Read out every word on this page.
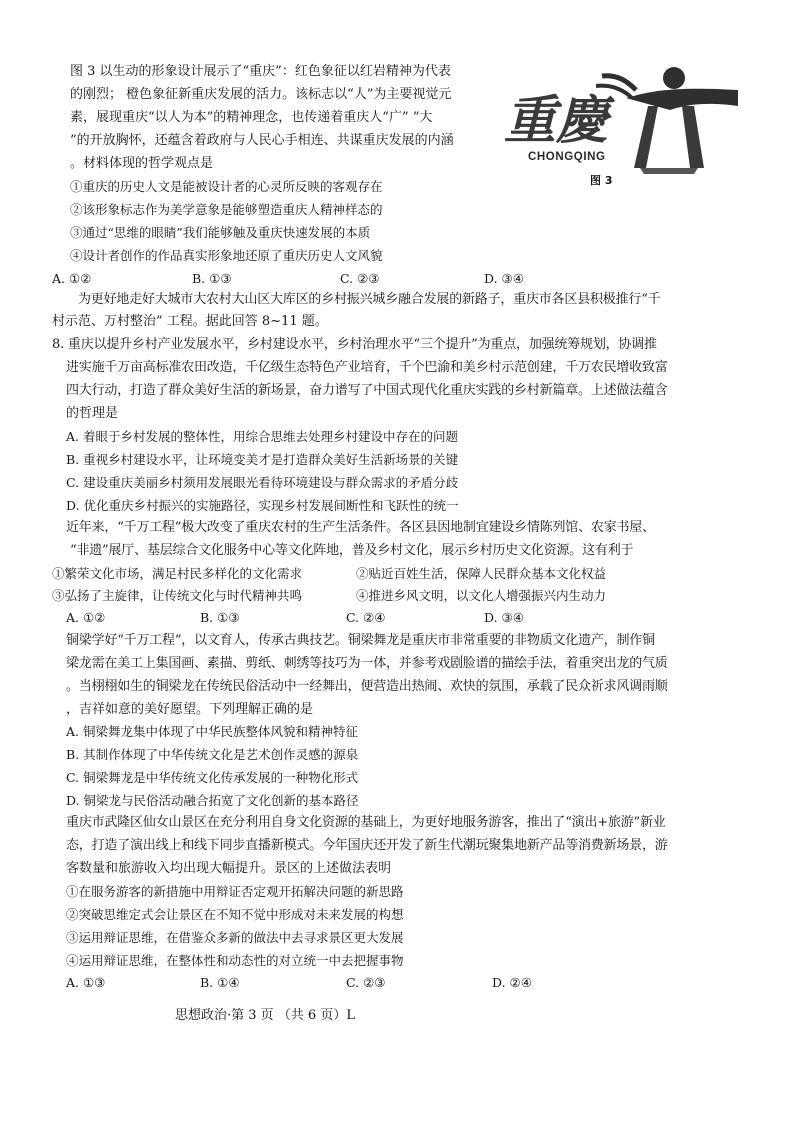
图 3 以生动的形象设计展示了“重庆”：红色象征以红岩精神为代表
的刚烈； 橙色象征新重庆发展的活力。该标志以“人”为主要视觉元
素，展现重庆“以人为本”的精神理念，也传递着重庆人“广” “大
”的开放胸怀，还蕴含着政府与人民心手相连、共谋重庆发展的内涵
。材料体现的哲学观点是
①重庆的历史人文是能被设计者的心灵所反映的客观存在
②该形象标志作为美学意象是能够塑造重庆人精神样态的
③通过“思维的眼睛”我们能够触及重庆快速发展的本质
④设计者创作的作品真实形象地还原了重庆历史人文风貌
A. ①②	B. ①③	C. ②③	D. ③④
重慶
CHONGQING
图 3
为更好地走好大城市大农村大山区大库区的乡村振兴城乡融合发展的新路子，重庆市各区县积极推行“千
村示范、万村整治” 工程。据此回答 8~11 题。
8. 重庆以提升乡村产业发展水平，乡村建设水平，乡村治理水平“三个提升”为重点，加强统筹规划，协调推
进实施千万亩高标准农田改造，千亿级生态特色产业培育，千个巴渝和美乡村示范创建，千万农民增收致富
四大行动，打造了群众美好生活的新场景，奋力谱写了中国式现代化重庆实践的乡村新篇章。上述做法蕴含
的哲理是
A. 着眼于乡村发展的整体性，用综合思维去处理乡村建设中存在的问题
B. 重视乡村建设水平，让环境变美才是打造群众美好生活新场景的关键
C. 建设重庆美丽乡村须用发展眼光看待环境建设与群众需求的矛盾分歧
D. 优化重庆乡村振兴的实施路径，实现乡村发展间断性和飞跃性的统一
近年来，“千万工程”极大改变了重庆农村的生产生活条件。各区县因地制宜建设乡情陈列馆、农家书屋、
“非遗”展厅、基层综合文化服务中心等文化阵地，普及乡村文化，展示乡村历史文化资源。这有利于
①繁荣文化市场，满足村民多样化的文化需求	②贴近百姓生活，保障人民群众基本文化权益
③弘扬了主旋律，让传统文化与时代精神共鸣	④推进乡风文明，以文化人增强振兴内生动力
A. ①②	B. ①③	C. ②④	D. ③④
铜梁学好“千万工程”，以文育人，传承古典技艺。铜梁舞龙是重庆市非常重要的非物质文化遗产，制作铜
梁龙需在美工上集国画、素描、剪纸、刺绣等技巧为一体，并参考戏剧脸谱的描绘手法，着重突出龙的气质
。当栩栩如生的铜梁龙在传统民俗活动中一经舞出，便营造出热闹、欢快的氛围，承载了民众祈求风调雨顺
，吉祥如意的美好愿望。下列理解正确的是
A. 铜梁舞龙集中体现了中华民族整体风貌和精神特征
B. 其制作体现了中华传统文化是艺术创作灵感的源泉
C. 铜梁舞龙是中华传统文化传承发展的一种物化形式
D. 铜梁龙与民俗活动融合拓宽了文化创新的基本路径
重庆市武隆区仙女山景区在充分利用自身文化资源的基础上，为更好地服务游客，推出了“演出+旅游”新业
态，打造了演出线上和线下同步直播新模式。今年国庆还开发了新生代潮玩聚集地新产品等消费新场景，游
客数量和旅游收入均出现大幅提升。景区的上述做法表明
①在服务游客的新措施中用辩证否定观开拓解决问题的新思路
②突破思维定式会让景区在不知不觉中形成对未来发展的构想
③运用辩证思维，在借鉴众多新的做法中去寻求景区更大发展
④运用辩证思维，在整体性和动态性的对立统一中去把握事物
A. ①③	B. ①④	C. ②③	D. ②④
思想政治·第 3 页 （共 6 页）L
